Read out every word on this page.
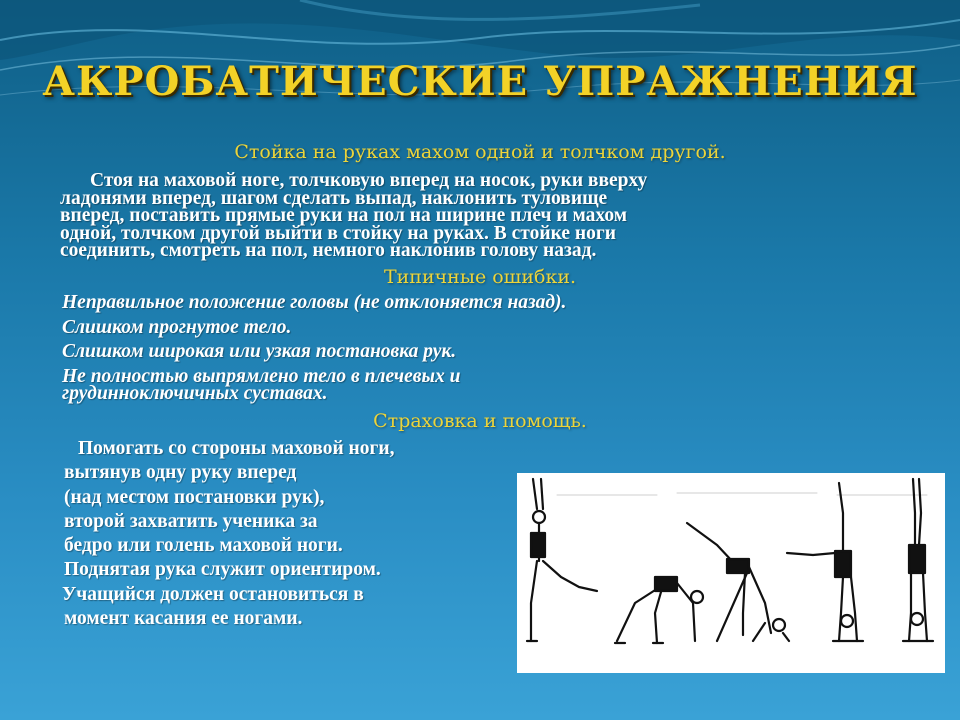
АКРОБАТИЧЕСКИЕ УПРАЖНЕНИЯ
Стойка на руках махом одной и толчком другой.
Стоя на маховой ноге, толчковую вперед на носок, руки вверху
ладонями вперед, шагом сделать выпад, наклонить туловище
вперед, поставить прямые руки на пол на ширине плеч и махом
одной, толчком другой выйти в стойку на руках. В стойке ноги
соединить, смотреть на пол, немного наклонив голову назад.
Типичные ошибки.
Неправильное положение головы (не отклоняется назад).
Слишком прогнутое тело.
Слишком широкая или узкая постановка рук.
Не полностью выпрямлено тело в плечевых и
грудинноключичных суставах.
Страховка и помощь.
Помогать со стороны маховой ноги,
вытянув одну руку вперед
(над местом постановки рук),
второй захватить ученика за
бедро или голень маховой ноги.
Поднятая рука служит ориентиром.
Учащийся должен остановиться в
момент касания ее ногами.
